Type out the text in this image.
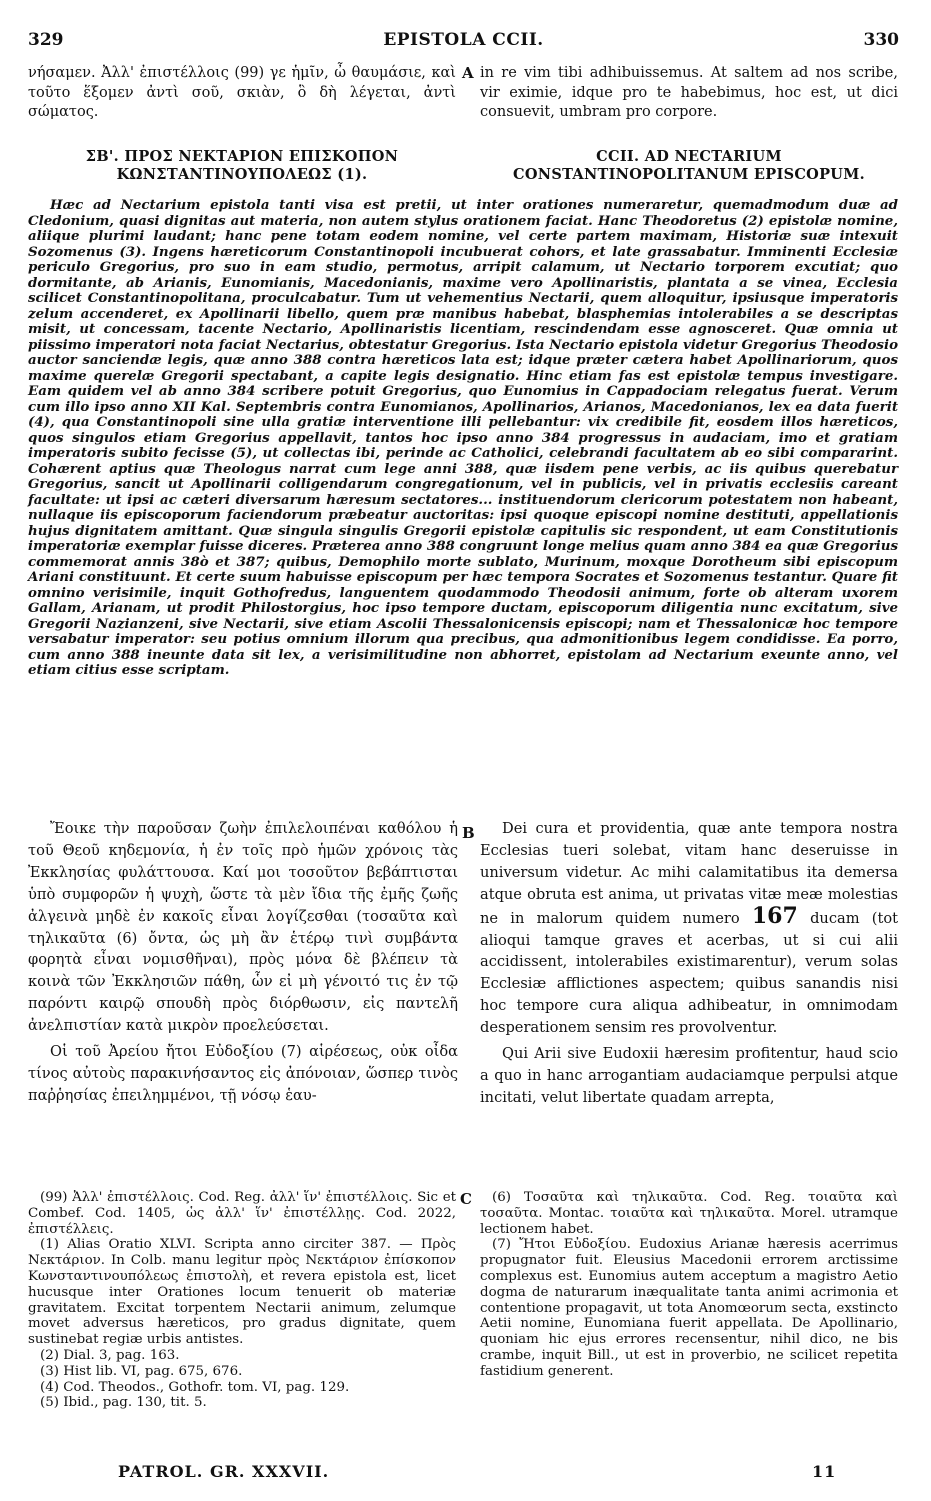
329	EPISTOLA CCII.	330
νήσαμεν. Ἀλλ' ἐπιστέλλοις (99) γε ἡμῖν, ὦ θαυμάσιε, καὶ τοῦτο ἕξομεν ἀντὶ σοῦ, σκιὰν, ὃ δὴ λέγεται, ἀντὶ σώματος.
A in re vim tibi adhibuissemus. At saltem ad nos scribe, vir eximie, idque pro te habebimus, hoc est, ut dici consuevit, umbram pro corpore.
ΣΒ'. ΠΡΟΣ ΝΕΚΤΑΡΙΟΝ ΕΠΙΣΚΟΠΟΝ ΚΩΝΣΤΑΝΤΙΝΟΥΠΟΛΕΩΣ (1).
CCII. AD NECTARIUM CONSTANTINOPOLITANUM EPISCOPUM.

Hæc ad Nectarium epistola tanti visa est pretii, ut inter orationes numeraretur, quemadmodum duæ ad Cledonium, quasi dignitas aut materia, non autem stylus orationem faciat. Hanc Theodoretus (2) epistolæ nomine, aliique plurimi laudant; hanc pene totam eodem nomine, vel certe partem maximam, Historiæ suæ intexuit Sozomenus (3). Ingens hæreticorum Constantinopoli incubuerat cohors, et late grassabatur. Imminenti Ecclesiæ periculo Gregorius, pro suo in eam studio, permotus, arripit calamum, ut Nectario torporem excutiat; quo dormitante, ab Arianis, Eunomianis, Macedonianis, maxime vero Apollinaristis, plantata a se vinea, Ecclesia scilicet Constantinopolitana, proculcabatur. Tum ut vehementius Nectarii, quem alloquitur, ipsiusque imperatoris zelum accenderet, ex Apollinarii libello, quem præ manibus habebat, blasphemias intolerabiles a se descriptas misit, ut concessam, tacente Nectario, Apollinaristis licentiam, rescindendam esse agnosceret. Quæ omnia ut piissimo imperatori nota faciat Nectarius, obtestatur Gregorius. Ista Nectario epistola videtur Gregorius Theodosio auctor sanciendæ legis, quæ anno 388 contra hæreticos lata est; idque præter cætera habet Apollinariorum, quos maxime querelæ Gregorii spectabant, a capite legis designatio. Hinc etiam fas est epistolæ tempus investigare. Eam quidem vel ab anno 384 scribere potuit Gregorius, quo Eunomius in Cappadociam relegatus fuerat. Verum cum illo ipso anno XII Kal. Septembris contra Eunomianos, Apollinarios, Arianos, Macedonianos, lex ea data fuerit (4), qua Constantinopoli sine ulla gratiæ interventione illi pellebantur: vix credibile fit, eosdem illos hæreticos, quos singulos etiam Gregorius appellavit, tantos hoc ipso anno 384 progressus in audaciam, imo et gratiam imperatoris subito fecisse (5), ut collectas ibi, perinde ac Catholici, celebrandi facultatem ab eo sibi compararint. Cohærent aptius quæ Theologus narrat cum lege anni 388, quæ iisdem pene verbis, ac iis quibus querebatur Gregorius, sancit ut Apollinarii colligendarum congregationum, vel in publicis, vel in privatis ecclesiis careant facultate: ut ipsi ac cæteri diversarum hæresum sectatores... instituendorum clericorum potestatem non habeant, nullaque iis episcoporum faciendorum præbeatur auctoritas: ipsi quoque episcopi nomine destituti, appellationis hujus dignitatem amittant. Quæ singula singulis Gregorii epistolæ capitulis sic respondent, ut eam Constitutionis imperatoriæ exemplar fuisse diceres. Præterea anno 388 congruunt longe melius quam anno 384 ea quæ Gregorius commemorat annis 38ò et 387; quibus, Demophilo morte sublato, Murinum, moxque Dorotheum sibi episcopum Ariani constituunt. Et certe suum habuisse episcopum per hæc tempora Socrates et Sozomenus testantur. Quare fit omnino verisimile, inquit Gothofredus, languentem quodammodo Theodosii animum, forte ob alteram uxorem Gallam, Arianam, ut prodit Philostorgius, hoc ipso tempore ductam, episcoporum diligentia nunc excitatum, sive Gregorii Nazianzeni, sive Nectarii, sive etiam Ascolii Thessalonicensis episcopi; nam et Thessalonicæ hoc tempore versabatur imperator: seu potius omnium illorum qua precibus, qua admonitionibus legem condidisse. Ea porro, cum anno 388 ineunte data sit lex, a verisimilitudine non abhorret, epistolam ad Nectarium exeunte anno, vel etiam citius esse scriptam.

Ἔοικε τὴν παροῦσαν ζωὴν ἐπιλελοιπέναι καθόλου ἡ τοῦ Θεοῦ κηδεμονία, ἡ ἐν τοῖς πρὸ ἡμῶν χρόνοις τὰς Ἐκκλησίας φυλάττουσα. Καί μοι τοσοῦτον βεβάπτισται ὑπὸ συμφορῶν ἡ ψυχὴ, ὥστε τὰ μὲν ἴδια τῆς ἐμῆς ζωῆς ἀλγεινὰ μηδὲ ἐν κακοῖς εἶναι λογίζεσθαι (τοσαῦτα καὶ τηλικαῦτα (6) ὄντα, ὡς μὴ ἂν ἑτέρῳ τινὶ συμβάντα φορητὰ εἶναι νομισθῆναι), πρὸς μόνα δὲ βλέπειν τὰ κοινὰ τῶν Ἐκκλησιῶν πάθη, ὧν εἰ μὴ γένοιτό τις ἐν τῷ παρόντι καιρῷ σπουδὴ πρὸς διόρθωσιν, εἰς παντελῆ ἀνελπιστίαν κατὰ μικρὸν προελεύσεται.

Οἱ τοῦ Ἀρείου ἤτοι Εὐδοξίου (7) αἱρέσεως, οὐκ οἶδα τίνος αὐτοὺς παρακινήσαντος εἰς ἀπόνοιαν, ὥσπερ τινὸς παῤῥησίας ἐπειλημμένοι, τῇ νόσῳ ἑαυ-

B	Dei cura et providentia, quæ ante tempora nostra Ecclesias tueri solebat, vitam hanc deseruisse in universum videtur. Ac mihi calamitatibus ita demersa atque obruta est anima, ut privatas vitæ meæ molestias ne in malorum quidem numero 167 ducam (tot alioqui tamque graves et acerbas, ut si cui alii accidissent, intolerabiles existimarentur), verum solas Ecclesiæ afflictiones aspectem; quibus sanandis nisi hoc tempore cura aliqua adhibeatur, in omnimodam desperationem sensim res provolventur.

Qui Arii sive Eudoxii hæresim profitentur, haud scio a quo in hanc arrogantiam audaciamque perpulsi atque incitati, velut libertate quadam arrepta,

(99) Ἀλλ' ἐπιστέλλοις. Cod. Reg. ἀλλ' ἵν' ἐπιστέλλοις. Sic et Combef. Cod. 1405, ὡς ἀλλ' ἵν' ἐπιστέλλῃς. Cod. 2022, ἐπιστέλλεις.

(1) Alias Oratio XLVI. Scripta anno circiter 387. — Πρὸς Νεκτάριον. In Colb. manu legitur πρὸς Νεκτάριον ἐπίσκοπον Κωνσταντινουπόλεως ἐπιστολὴ, et revera epistola est, licet hucusque inter Orationes locum tenuerit ob materiæ gravitatem. Excitat torpentem Nectarii animum, zelumque movet adversus hæreticos, pro gradus dignitate, quem sustinebat regiæ urbis antistes.

(2) Dial. 3, pag. 163.

(3) Hist lib. VI, pag. 675, 676.

(4) Cod. Theodos., Gothofr. tom. VI, pag. 129.

(5) Ibid., pag. 130, tit. 5.

C	(6) Τοσαῦτα καὶ τηλικαῦτα. Cod. Reg. τοιαῦτα καὶ τοσαῦτα. Montac. τοιαῦτα καὶ τηλικαῦτα. Morel. utramque lectionem habet.

(7) Ἤτοι Εὐδοξίου. Eudoxius Arianæ hæresis acerrimus propugnator fuit. Eleusius Macedonii errorem arctissime complexus est. Eunomius autem acceptum a magistro Aetio dogma de naturarum inæqualitate tanta animi acrimonia et contentione propagavit, ut tota Anomœorum secta, exstincto Aetii nomine, Eunomiana fuerit appellata. De Apollinario, quoniam hic ejus errores recensentur, nihil dico, ne bis crambe, inquit Bill., ut est in proverbio, ne scilicet repetita fastidium generent.

PATROL. GR. XXXVII.	11
